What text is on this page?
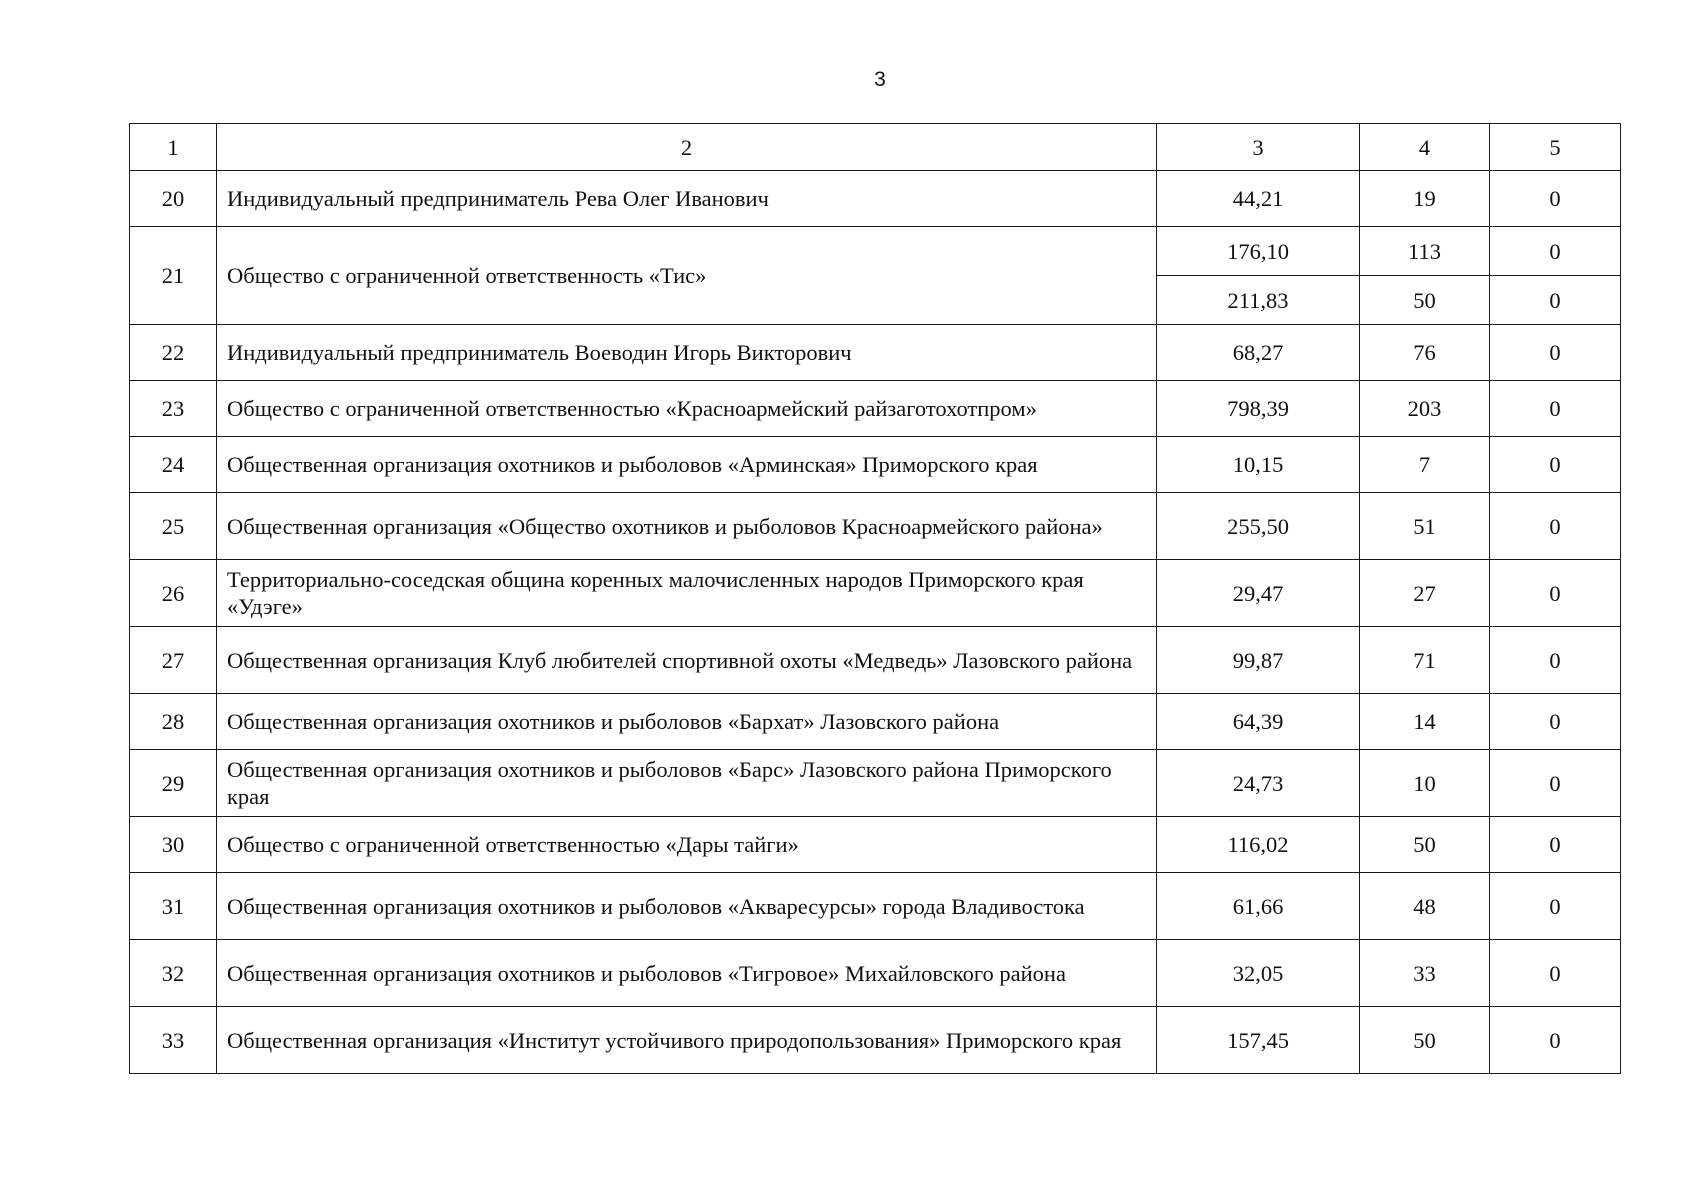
3
1	2	3	4	5
20	Индивидуальный предприниматель Рева Олег Иванович	44,21	19	0
21	Общество с ограниченной ответственность «Тис»	176,10	113	0
		211,83	50	0
22	Индивидуальный предприниматель Воеводин Игорь Викторович	68,27	76	0
23	Общество с ограниченной ответственностью «Красноармейский райзаготохотпром»	798,39	203	0
24	Общественная организация охотников и рыболовов «Арминская» Приморского края	10,15	7	0
25	Общественная организация «Общество охотников и рыболовов Красноармейского района»	255,50	51	0
26	Территориально-соседская община коренных малочисленных народов Приморского края «Удэге»	29,47	27	0
27	Общественная организация Клуб любителей спортивной охоты «Медведь» Лазовского района	99,87	71	0
28	Общественная организация охотников и рыболовов «Бархат» Лазовского района	64,39	14	0
29	Общественная организация охотников и рыболовов «Барс» Лазовского района Приморского края	24,73	10	0
30	Общество с ограниченной ответственностью «Дары тайги»	116,02	50	0
31	Общественная организация охотников и рыболовов «Акваресурсы» города Владивостока	61,66	48	0
32	Общественная организация охотников и рыболовов «Тигровое» Михайловского района	32,05	33	0
33	Общественная организация «Институт устойчивого природопользования» Приморского края	157,45	50	0
